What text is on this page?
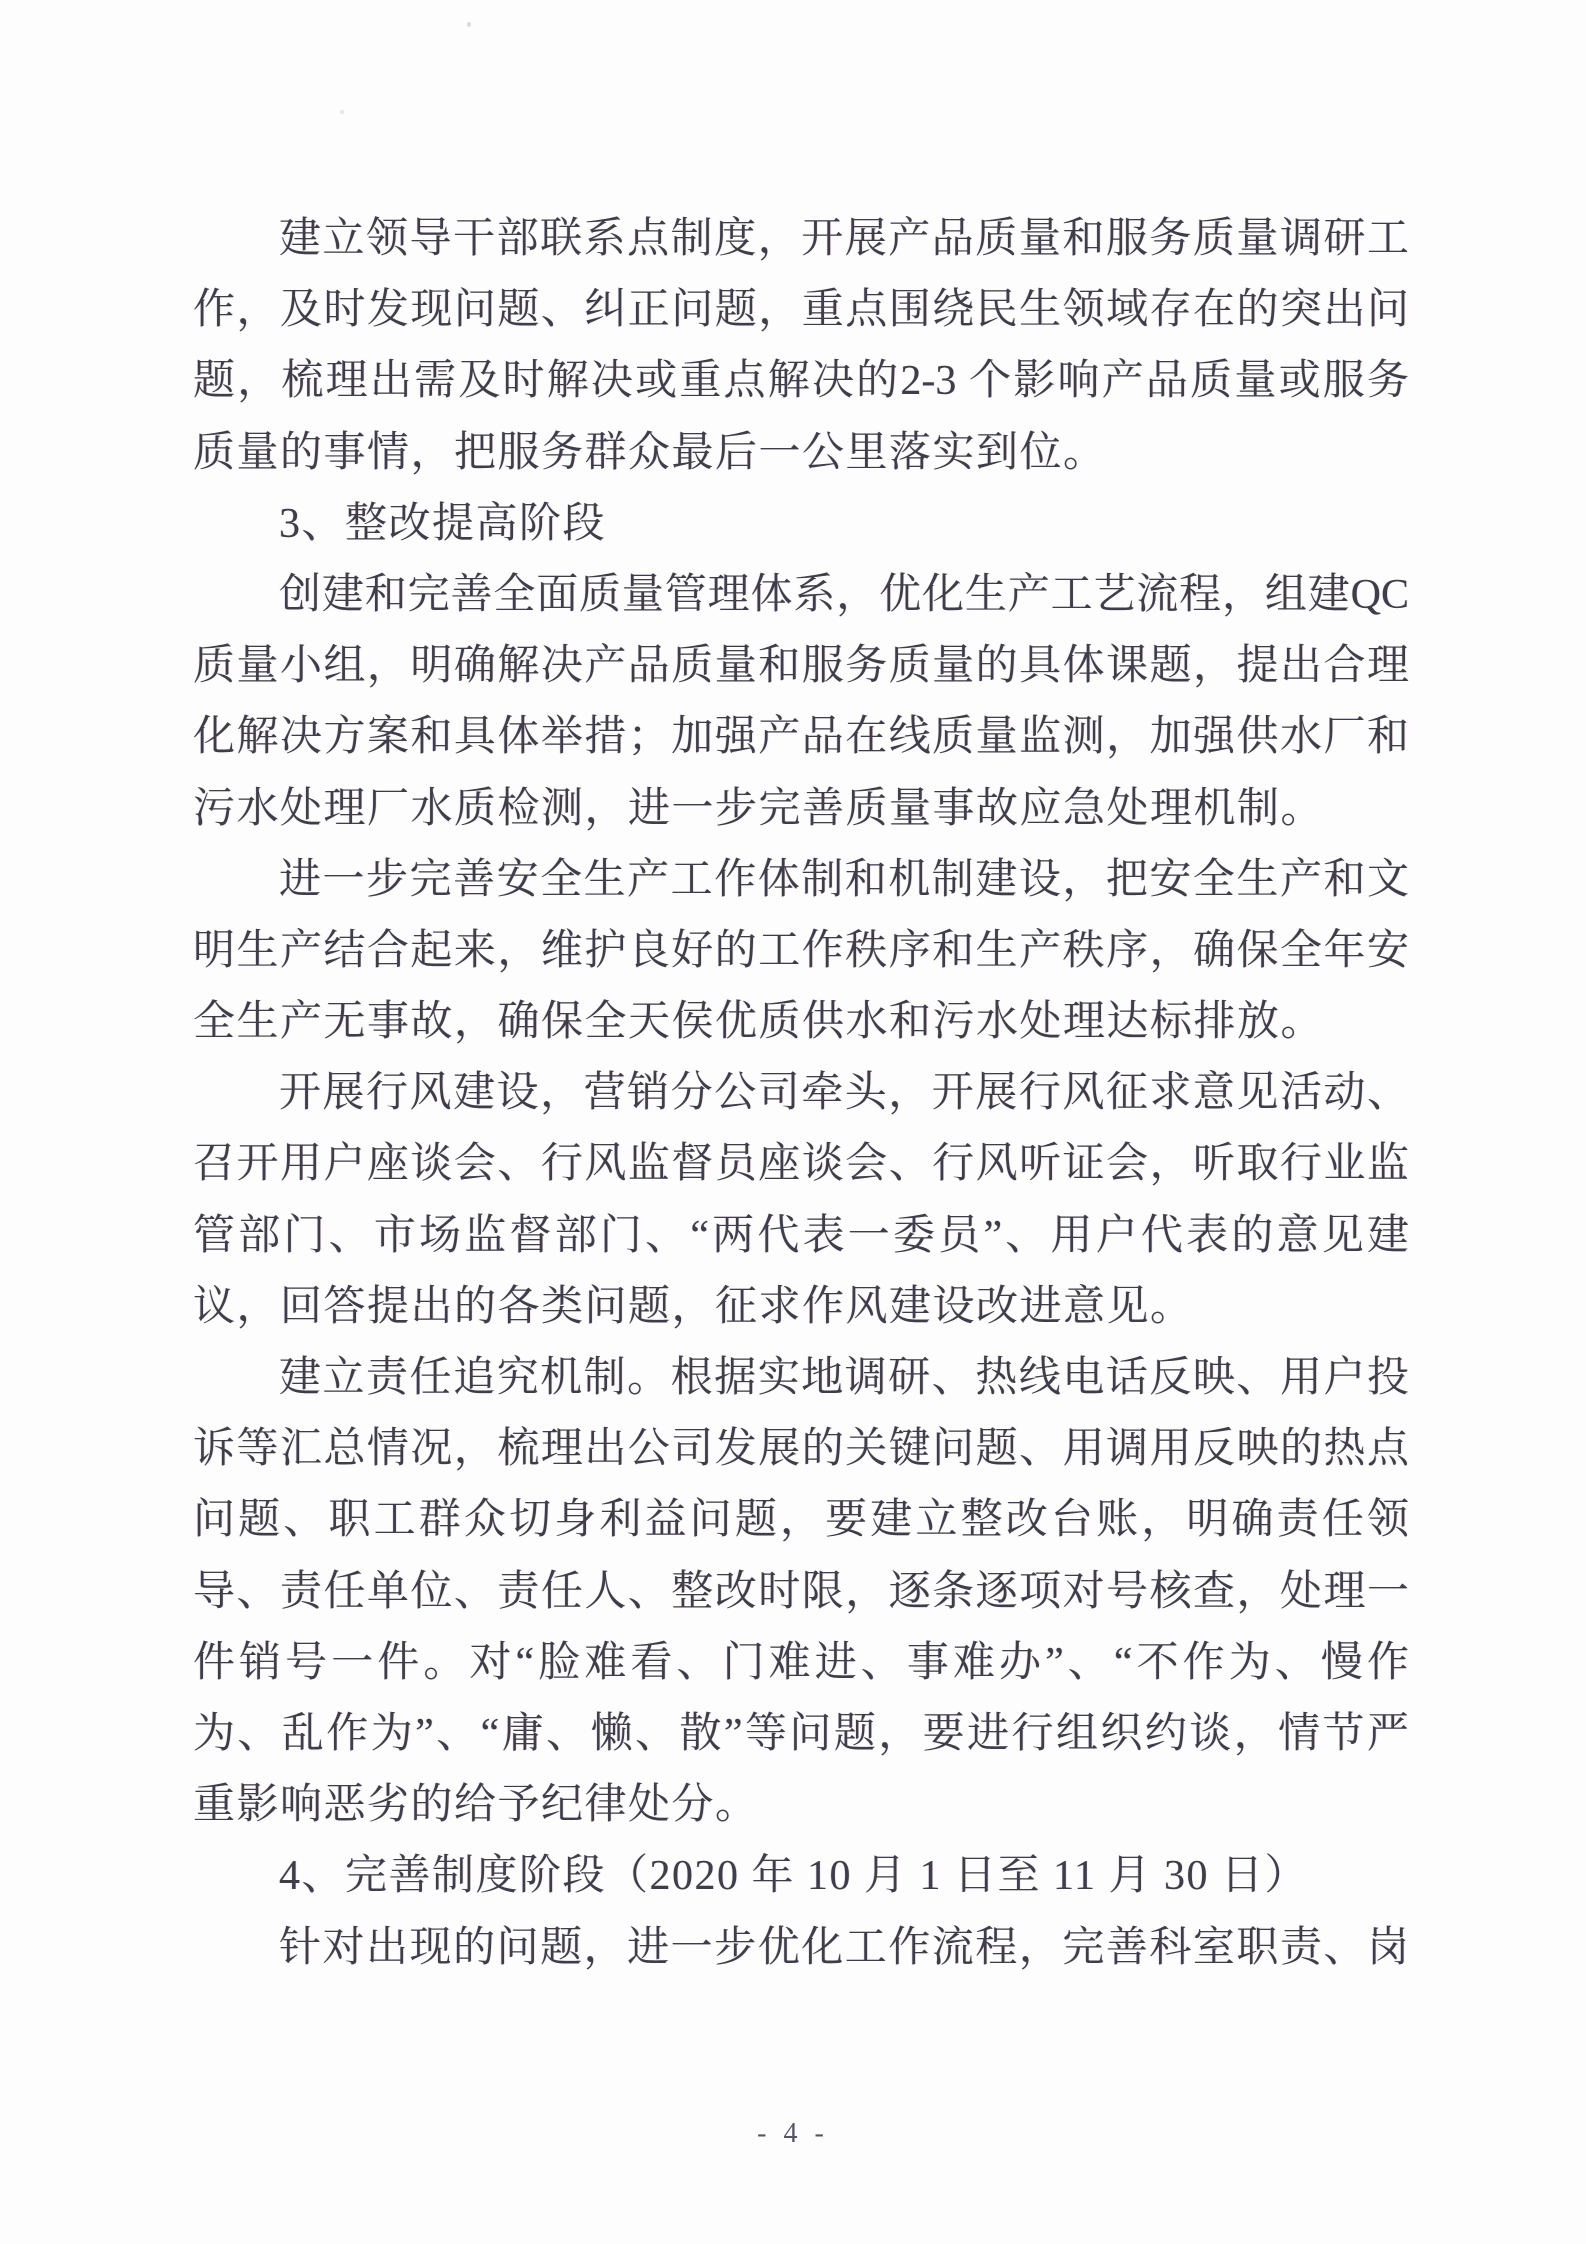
建立领导干部联系点制度，开展产品质量和服务质量调研工
作，及时发现问题、纠正问题，重点围绕民生领域存在的突出问
题，梳理出需及时解决或重点解决的2-3 个影响产品质量或服务
质量的事情，把服务群众最后一公里落实到位。
3、整改提高阶段
创建和完善全面质量管理体系，优化生产工艺流程，组建QC
质量小组，明确解决产品质量和服务质量的具体课题，提出合理
化解决方案和具体举措；加强产品在线质量监测，加强供水厂和
污水处理厂水质检测，进一步完善质量事故应急处理机制。
进一步完善安全生产工作体制和机制建设，把安全生产和文
明生产结合起来，维护良好的工作秩序和生产秩序，确保全年安
全生产无事故，确保全天侯优质供水和污水处理达标排放。
开展行风建设，营销分公司牵头，开展行风征求意见活动、
召开用户座谈会、行风监督员座谈会、行风听证会，听取行业监
管部门、市场监督部门、“两代表一委员”、用户代表的意见建
议，回答提出的各类问题，征求作风建设改进意见。
建立责任追究机制。根据实地调研、热线电话反映、用户投
诉等汇总情况，梳理出公司发展的关键问题、用调用反映的热点
问题、职工群众切身利益问题，要建立整改台账，明确责任领
导、责任单位、责任人、整改时限，逐条逐项对号核查，处理一
件销号一件。对“脸难看、门难进、事难办”、“不作为、慢作
为、乱作为”、“庸、懒、散”等问题，要进行组织约谈，情节严
重影响恶劣的给予纪律处分。
4、完善制度阶段（2020 年 10 月 1 日至 11 月 30 日）
针对出现的问题，进一步优化工作流程，完善科室职责、岗
- 4 -
